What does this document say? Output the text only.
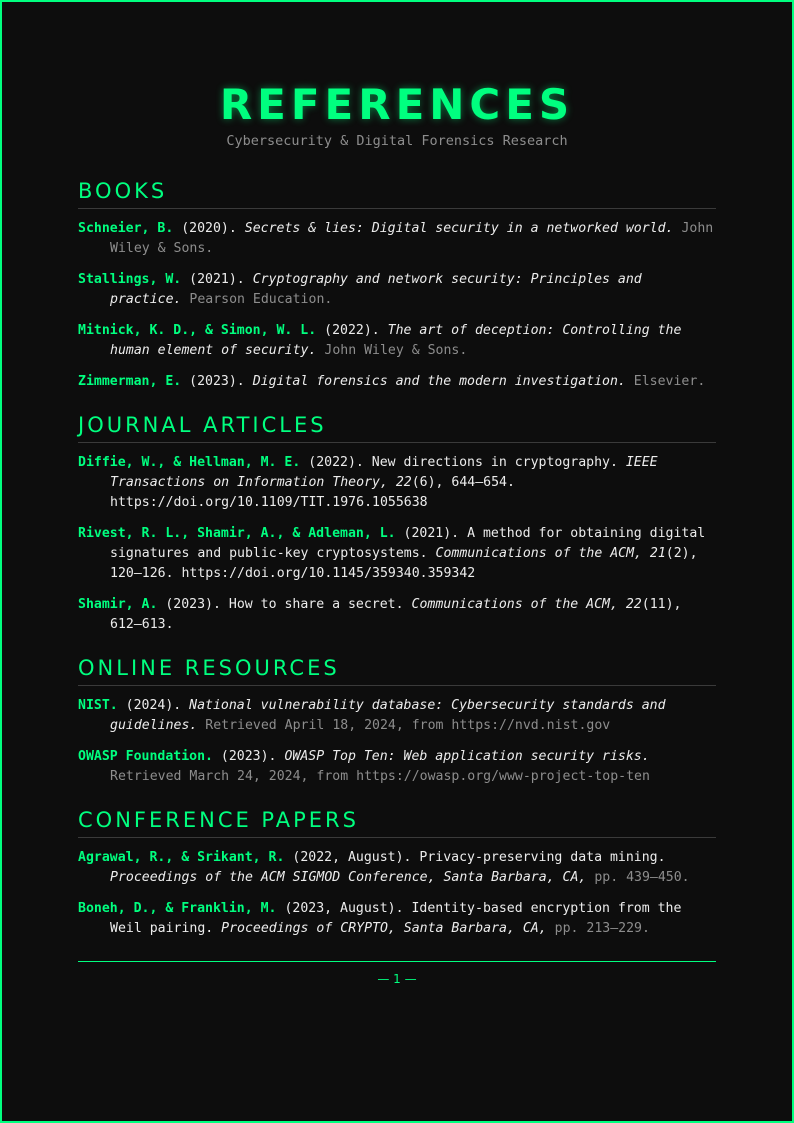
REFERENCES
Cybersecurity & Digital Forensics Research
BOOKS
Schneier, B. (2020). Secrets & lies: Digital security in a networked world. John Wiley & Sons.
Stallings, W. (2021). Cryptography and network security: Principles and practice. Pearson Education.
Mitnick, K. D., & Simon, W. L. (2022). The art of deception: Controlling the human element of security. John Wiley & Sons.
Zimmerman, E. (2023). Digital forensics and the modern investigation. Elsevier.
JOURNAL ARTICLES
Diffie, W., & Hellman, M. E. (2022). New directions in cryptography. IEEE Transactions on Information Theory, 22(6), 644–654. https://doi.org/10.1109/TIT.1976.1055638
Rivest, R. L., Shamir, A., & Adleman, L. (2021). A method for obtaining digital signatures and public-key cryptosystems. Communications of the ACM, 21(2), 120–126. https://doi.org/10.1145/359340.359342
Shamir, A. (2023). How to share a secret. Communications of the ACM, 22(11), 612–613.
ONLINE RESOURCES
NIST. (2024). National vulnerability database: Cybersecurity standards and guidelines. Retrieved April 18, 2024, from https://nvd.nist.gov
OWASP Foundation. (2023). OWASP Top Ten: Web application security risks. Retrieved March 24, 2024, from https://owasp.org/www-project-top-ten
CONFERENCE PAPERS
Agrawal, R., & Srikant, R. (2022, August). Privacy-preserving data mining. Proceedings of the ACM SIGMOD Conference, Santa Barbara, CA, pp. 439–450.
Boneh, D., & Franklin, M. (2023, August). Identity-based encryption from the Weil pairing. Proceedings of CRYPTO, Santa Barbara, CA, pp. 213–229.
— 1 —
